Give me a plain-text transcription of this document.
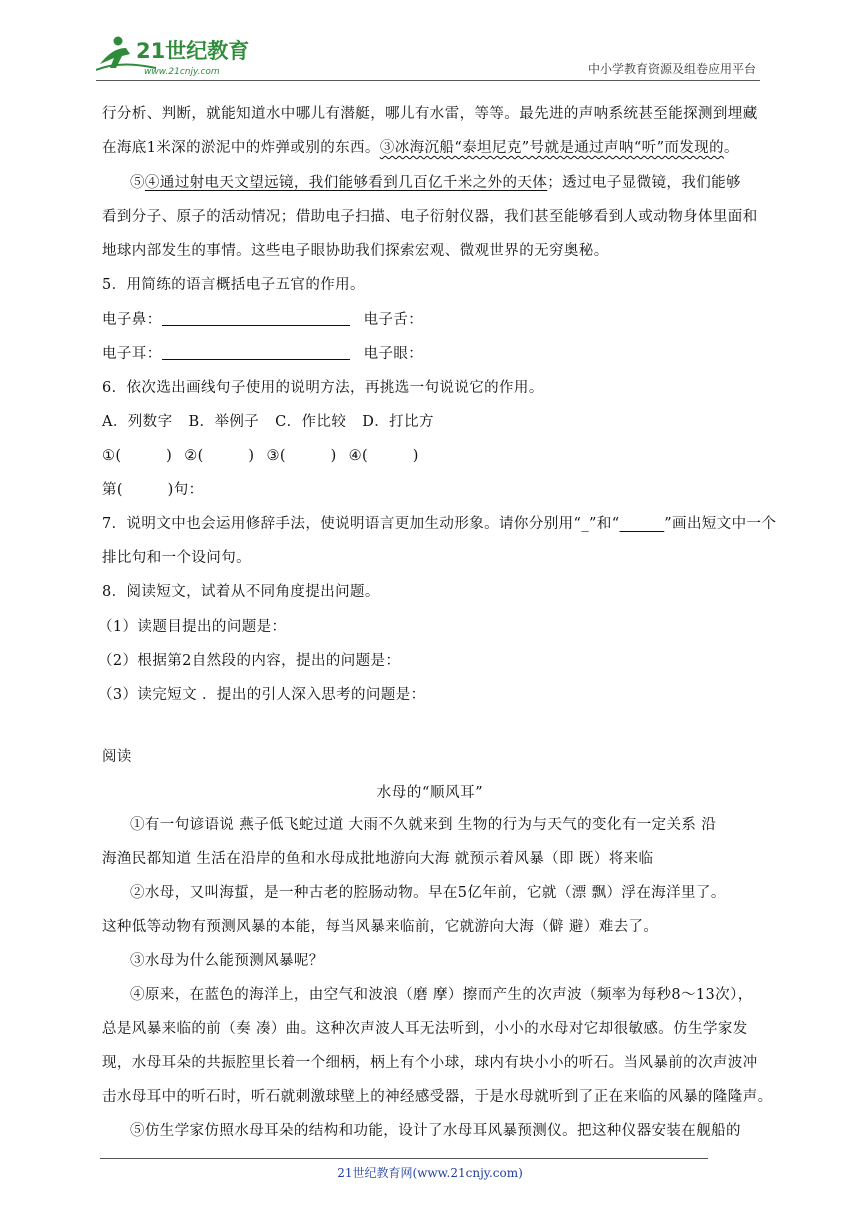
21世纪教育
www.21cnjy.com	中小学教育资源及组卷应用平台
行分析、判断，就能知道水中哪儿有潜艇，哪儿有水雷，等等。最先进的声呐系统甚至能探测到埋藏
在海底1米深的淤泥中的炸弹或别的东西。③冰海沉船“泰坦尼克”号就是通过声呐“听”而发现的。
⑤④通过射电天文望远镜，我们能够看到几百亿千米之外的天体；透过电子显微镜，我们能够
看到分子、原子的活动情况；借助电子扫描、电子衍射仪器，我们甚至能够看到人或动物身体里面和
地球内部发生的事情。这些电子眼协助我们探索宏观、微观世界的无穷奥秘。
5．用简练的语言概括电子五官的作用。
电子鼻：	电子舌：
电子耳：	电子眼：
6．依次选出画线句子使用的说明方法，再挑选一句说说它的作用。
A．列数字 B．举例子 C．作比较 D．打比方
①(　　　) ②(　　　) ③(　　　) ④(　　　)
第(　　　)句：
7．说明文中也会运用修辞手法，使说明语言更加生动形象。请你分别用“_”和“　　　	”画出短文中一个
排比句和一个设问句。
8．阅读短文，试着从不同角度提出问题。
（1）读题目提出的问题是：
（2）根据第2自然段的内容，提出的问题是：
（3）读完短文 ．提出的引人深入思考的问题是：
阅读
水母的“顺风耳”
①有一句谚语说 燕子低飞蛇过道 大雨不久就来到 生物的行为与天气的变化有一定关系 沿
海渔民都知道 生活在沿岸的鱼和水母成批地游向大海 就预示着风暴（即 既）将来临
②水母，又叫海蜇，是一种古老的腔肠动物。早在5亿年前，它就（漂 飘）浮在海洋里了。
这种低等动物有预测风暴的本能，每当风暴来临前，它就游向大海（僻 避）难去了。
③水母为什么能预测风暴呢？
④原来，在蓝色的海洋上，由空气和波浪（磨 摩）擦而产生的次声波（频率为每秒8～13次），
总是风暴来临的前（奏 凑）曲。这种次声波人耳无法听到，小小的水母对它却很敏感。仿生学家发
现，水母耳朵的共振腔里长着一个细柄，柄上有个小球，球内有块小小的听石。当风暴前的次声波冲
击水母耳中的听石时，听石就刺激球壁上的神经感受器，于是水母就听到了正在来临的风暴的隆隆声。
⑤仿生学家仿照水母耳朵的结构和功能，设计了水母耳风暴预测仪。把这种仪器安装在舰船的
21世纪教育网(www.21cnjy.com)
